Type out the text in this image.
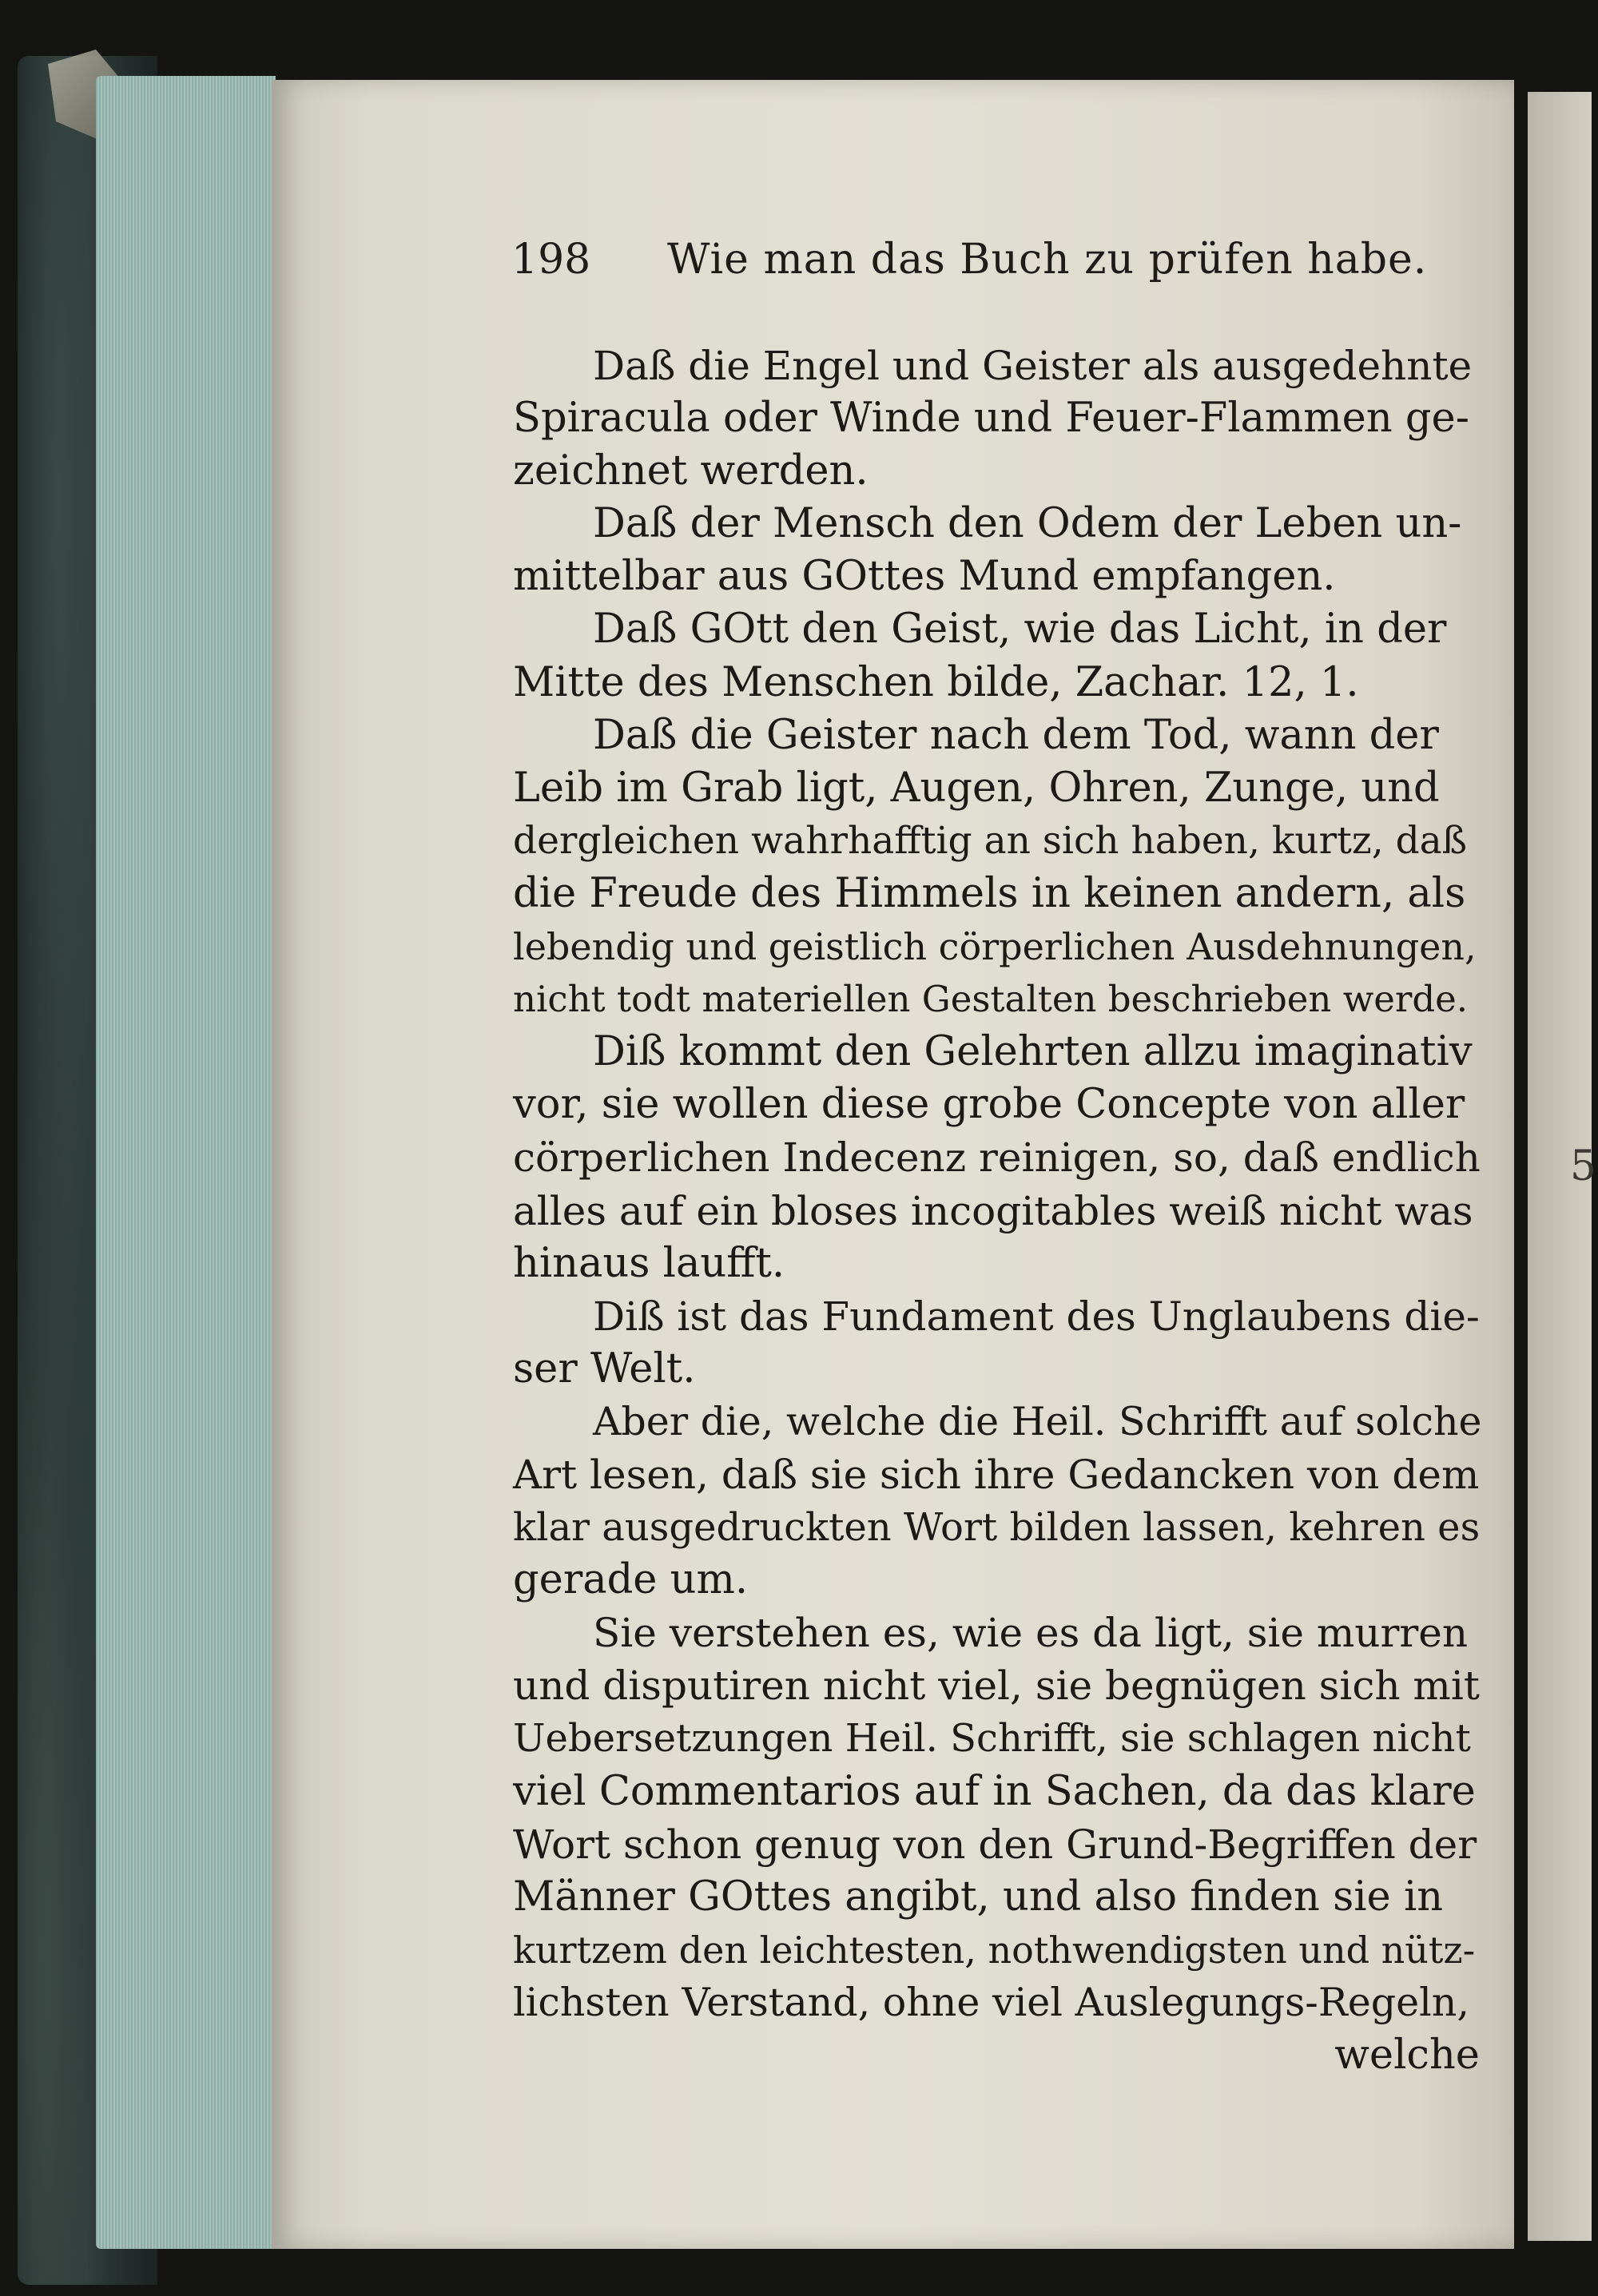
5
198 Wie man das Buch zu prüfen habe.
Daß die Engel und Geister als ausgedehnte
Spiracula oder Winde und Feuer-Flammen ge-
zeichnet werden.
Daß der Mensch den Odem der Leben un-
mittelbar aus GOttes Mund empfangen.
Daß GOtt den Geist, wie das Licht, in der
Mitte des Menschen bilde, Zachar. 12, 1.
Daß die Geister nach dem Tod, wann der
Leib im Grab ligt, Augen, Ohren, Zunge, und
dergleichen wahrhafftig an sich haben, kurtz, daß
die Freude des Himmels in keinen andern, als
lebendig und geistlich cörperlichen Ausdehnungen,
nicht todt materiellen Gestalten beschrieben werde.
Diß kommt den Gelehrten allzu imaginativ
vor, sie wollen diese grobe Concepte von aller
cörperlichen Indecenz reinigen, so, daß endlich
alles auf ein bloses incogitables weiß nicht was
hinaus laufft.
Diß ist das Fundament des Unglaubens die-
ser Welt.
Aber die, welche die Heil. Schrifft auf solche
Art lesen, daß sie sich ihre Gedancken von dem
klar ausgedruckten Wort bilden lassen, kehren es
gerade um.
Sie verstehen es, wie es da ligt, sie murren
und disputiren nicht viel, sie begnügen sich mit
Uebersetzungen Heil. Schrifft, sie schlagen nicht
viel Commentarios auf in Sachen, da das klare
Wort schon genug von den Grund-Begriffen der
Männer GOttes angibt, und also finden sie in
kurtzem den leichtesten, nothwendigsten und nütz-
lichsten Verstand, ohne viel Auslegungs-Regeln,
welche
